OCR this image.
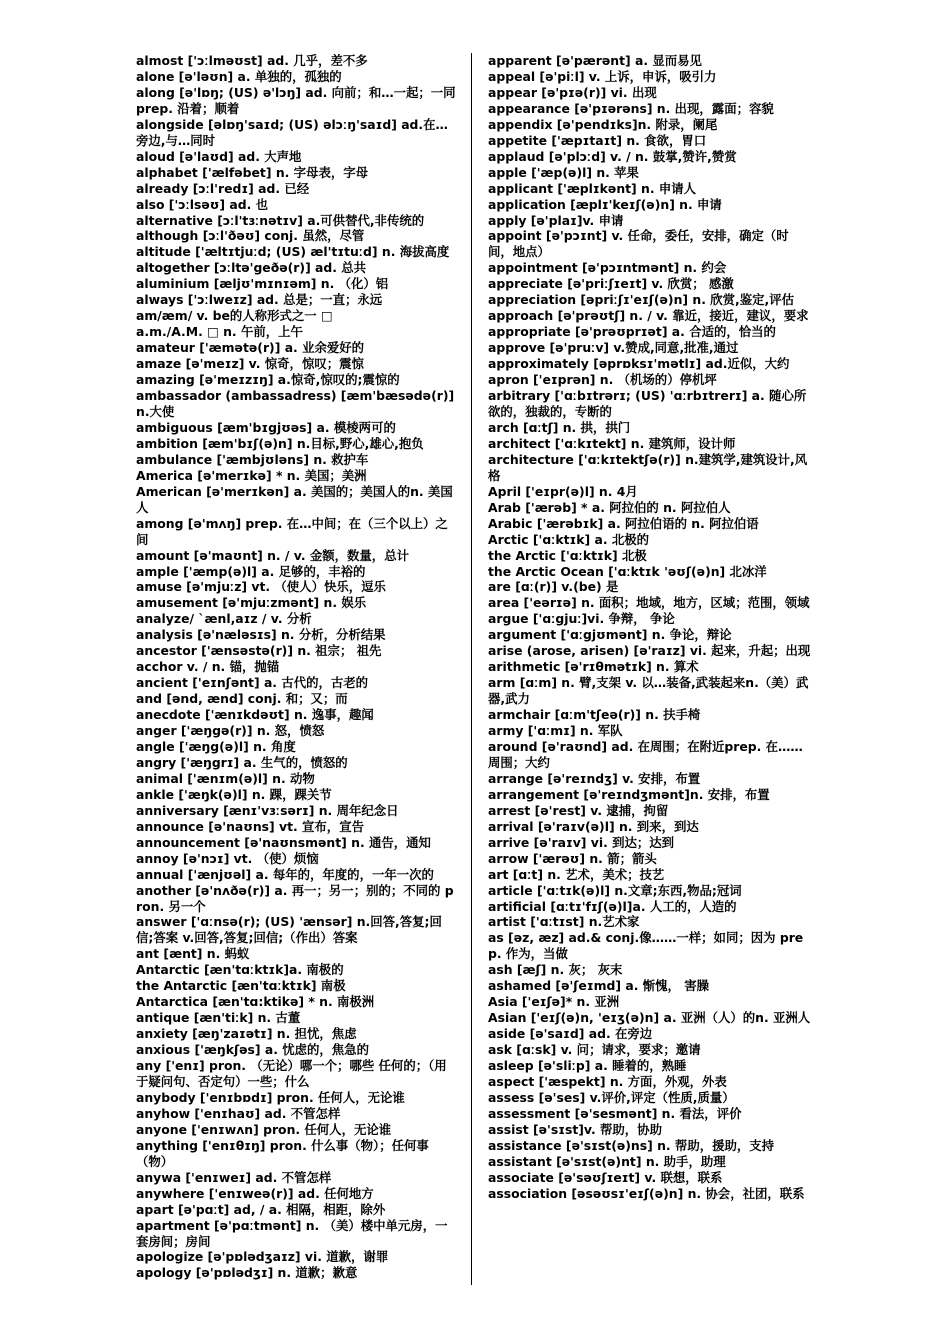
almost ['ɔːlməʊst] ad. 几乎，差不多

alone [ə'ləʊn] a. 单独的，孤独的

along [ə'lɒŋ; (US) ə'lɔŋ] ad. 向前；和…一起；一同 prep. 沿着；顺着

alongside [əlɒŋ'saɪd; (US) əlɔːŋ'saɪd] ad.在…旁边,与…同时

aloud [ə'laʊd] ad. 大声地

alphabet ['ælfəbet] n. 字母表，字母

already [ɔːl'redɪ] ad. 已经

also ['ɔːlsəʊ] ad. 也

alternative [ɔːl'tɜːnətɪv] a.可供替代,非传统的

although [ɔːl'ðəʊ] conj. 虽然，尽管

altitude ['æltɪtjuːd; (US) æl'tɪtuːd] n. 海拔高度

altogether [ɔːltə'geðə(r)] ad. 总共

aluminium [æljʊ'mɪnɪəm] n. （化）铝

always ['ɔːlweɪz] ad. 总是；一直；永远

am/æm/ v. be的人称形式之一 □

a.m./A.M. □ n. 午前，上午

amateur ['æmətə(r)] a. 业余爱好的

amaze [ə'meɪz] v. 惊奇，惊叹；震惊

amazing [ə'meɪzɪŋ] a.惊奇,惊叹的;震惊的

ambassador (ambassadress) [æm'bæsədə(r)] n.大使

ambiguous [æm'bɪgjʊəs] a. 模棱两可的

ambition [æm'bɪʃ(ə)n] n.目标,野心,雄心,抱负

ambulance ['æmbjʊləns] n. 救护车

America [ə'merɪkə] * n. 美国；美洲

American [ə'merɪkən] a. 美国的；美国人的n. 美国人

among [ə'mʌŋ] prep. 在…中间；在（三个以上）之间

amount [ə'maʊnt] n. / v. 金额，数量，总计

ample ['æmp(ə)l] a. 足够的，丰裕的

amuse [ə'mjuːz] vt. （使人）快乐，逗乐

amusement [ə'mjuːzmənt] n. 娱乐

analyze/ `ænl,aɪz / v. 分析

analysis [ə'næləsɪs] n. 分析，分析结果

ancestor ['ænsəstə(r)] n. 祖宗； 祖先

acchor v. / n. 锚，抛锚

ancient ['eɪnʃənt] a. 古代的，古老的

and [ənd, ænd] conj. 和；又；而

anecdote ['ænɪkdəʊt] n. 逸事，趣闻

anger ['æŋgə(r)] n. 怒，愤怒

angle ['æŋg(ə)l] n. 角度

angry ['æŋgrɪ] a. 生气的，愤怒的

animal ['ænɪm(ə)l] n. 动物

ankle ['æŋk(ə)l] n. 踝，踝关节

anniversary [ænɪ'vɜːsərɪ] n. 周年纪念日

announce [ə'naʊns] vt. 宣布，宣告

announcement [ə'naʊnsmənt] n. 通告，通知

annoy [ə'nɔɪ] vt. （使）烦恼

annual ['ænjʊəl] a. 每年的，年度的，一年一次的

another [ə'nʌðə(r)] a. 再一；另一；别的；不同的 pron. 另一个

answer ['ɑːnsə(r); (US) 'ænsər] n.回答,答复;回信;答案 v.回答,答复;回信;（作出）答案

ant [ænt] n. 蚂蚁

Antarctic [æn'tɑːktɪk]a. 南极的

the Antarctic [æn'tɑːktɪk] 南极

Antarctica [æn'tɑ:ktikə] * n. 南极洲

antique [æn'tiːk] n. 古董

anxiety [æŋ'zaɪətɪ] n. 担忧，焦虑

anxious ['æŋkʃəs] a. 忧虑的，焦急的

any ['enɪ] pron. （无论）哪一个；哪些 任何的；（用于疑问句、否定句）一些；什么

anybody ['enɪbɒdɪ] pron. 任何人，无论谁

anyhow ['enɪhaʊ] ad. 不管怎样

anyone ['enɪwʌn] pron. 任何人，无论谁

anything ['enɪθɪŋ] pron. 什么事（物）；任何事（物）

anywa ['enɪweɪ] ad. 不管怎样

anywhere ['enɪweə(r)] ad. 任何地方

apart [ə'pɑːt] ad, / a. 相隔，相距，除外

apartment [ə'pɑːtmənt] n. （美）楼中单元房，一套房间；房间

apologize [ə'pɒlədʒaɪz] vi. 道歉，谢罪

apology [ə'pɒlədʒɪ] n. 道歉；歉意

apparent [ə'pærənt] a. 显而易见

appeal [ə'piːl] v. 上诉，申诉，吸引力

appear [ə'pɪə(r)] vi. 出现

appearance [ə'pɪərəns] n. 出现，露面；容貌

appendix [ə'pendɪks]n. 附录，阑尾

appetite ['æpɪtaɪt] n. 食欲，胃口

applaud [ə'plɔːd] v. / n. 鼓掌,赞许,赞赏

apple ['æp(ə)l] n. 苹果

applicant ['æplɪkənt] n. 申请人

application [æplɪ'keɪʃ(ə)n] n. 申请

apply [ə'plaɪ]v. 申请

appoint [ə'pɔɪnt] v. 任命，委任，安排，确定（时间，地点）

appointment [ə'pɔɪntmənt] n. 约会

appreciate [ə'priːʃɪeɪt] v. 欣赏； 感激

appreciation [əpriːʃɪ'eɪʃ(ə)n] n. 欣赏,鉴定,评估

approach [ə'prəʊtʃ] n. / v. 靠近，接近，建议，要求

appropriate [ə'prəʊprɪət] a. 合适的，恰当的

approve [ə'pruːv] v.赞成,同意,批准,通过

approximately [əprɒksɪ'mətlɪ] ad.近似，大约

apron ['eɪprən] n. （机场的）停机坪

arbitrary ['ɑːbɪtrərɪ; (US) 'ɑːrbɪtrerɪ] a. 随心所欲的，独裁的，专断的

arch [ɑːtʃ] n. 拱，拱门

architect ['ɑːkɪtekt] n. 建筑师，设计师

architecture ['ɑːkɪtektʃə(r)] n.建筑学,建筑设计,风格

April ['eɪpr(ə)l] n. 4月

Arab ['ærəb] * a. 阿拉伯的 n. 阿拉伯人

Arabic ['ærəbɪk] a. 阿拉伯语的 n. 阿拉伯语

Arctic ['ɑːktɪk] a. 北极的

the Arctic ['ɑːktɪk] 北极

the Arctic Ocean ['ɑːktɪk 'əʊʃ(ə)n] 北冰洋

are [ɑː(r)] v.(be) 是

area ['eərɪə] n. 面积；地域，地方，区域；范围，领域

argue ['ɑːgjuː]vi. 争辩， 争论

argument ['ɑːgjʊmənt] n. 争论，辩论

arise (arose, arisen) [ə'raɪz] vi. 起来，升起；出现

arithmetic [ə'rɪθmətɪk] n. 算术

arm [ɑːm] n. 臂,支架 v. 以…装备,武装起来n.（美）武器,武力

armchair [ɑːm'tʃeə(r)] n. 扶手椅

army ['ɑːmɪ] n. 军队

around [ə'raʊnd] ad. 在周围；在附近prep. 在……周围；大约

arrange [ə'reɪndʒ] v. 安排，布置

arrangement [ə'reɪndʒmənt]n. 安排，布置

arrest [ə'rest] v. 逮捕，拘留

arrival [ə'raɪv(ə)l] n. 到来，到达

arrive [ə'raɪv] vi. 到达；达到

arrow ['ærəʊ] n. 箭；箭头

art [ɑːt] n. 艺术，美术；技艺

article ['ɑːtɪk(ə)l] n.文章;东西,物品;冠词

artificial [ɑːtɪ'fɪʃ(ə)l]a. 人工的，人造的

artist ['ɑːtɪst] n.艺术家

as [əz, æz] ad.& conj.像……一样；如同；因为 prep. 作为，当做

ash [æʃ] n. 灰； 灰末

ashamed [ə'ʃeɪmd] a. 惭愧， 害臊

Asia ['eɪʃə]* n. 亚洲

Asian ['eɪʃ(ə)n, 'eɪʒ(ə)n] a. 亚洲（人）的n. 亚洲人

aside [ə'saɪd] ad. 在旁边

ask [ɑːsk] v. 问；请求，要求；邀请

asleep [ə'sliːp] a. 睡着的，熟睡

aspect ['æspekt] n. 方面，外观，外表

assess [ə'ses] v.评价,评定（性质,质量）

assessment [ə'sesmənt] n. 看法，评价

assist [ə'sɪst]v. 帮助，协助

assistance [ə'sɪst(ə)ns] n. 帮助，援助，支持

assistant [ə'sɪst(ə)nt] n. 助手，助理

associate [ə'səʊʃɪeɪt] v. 联想，联系

association [əsəʊsɪ'eɪʃ(ə)n] n. 协会，社团，联系
